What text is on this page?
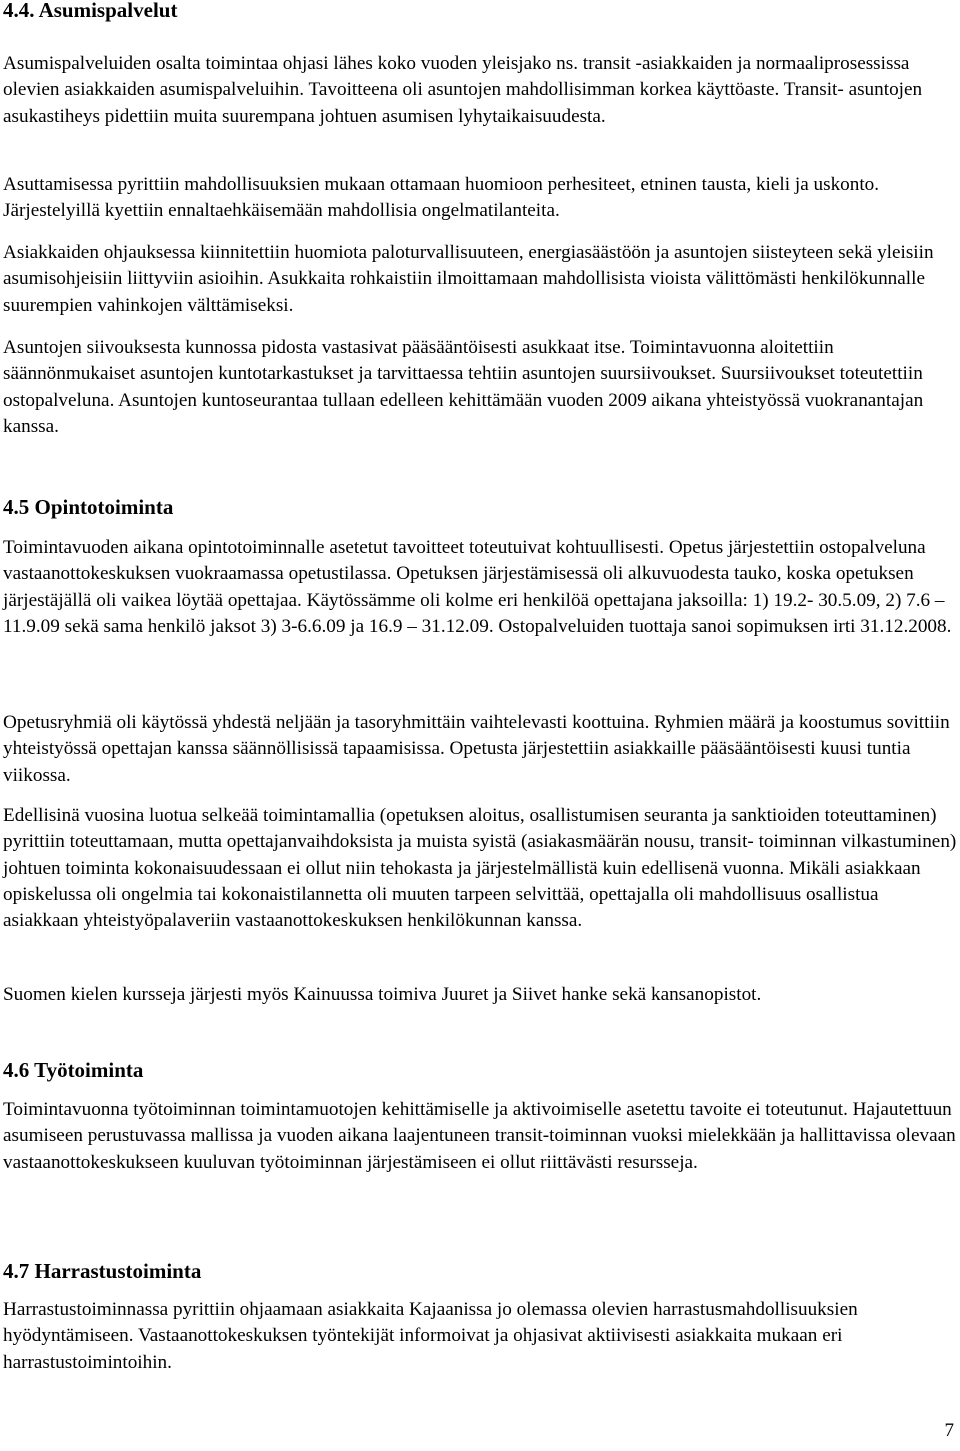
4.4. Asumispalvelut

Asumispalveluiden osalta toimintaa ohjasi lähes koko vuoden yleisjako ns. transit -asiakkaiden ja normaaliprosessissa olevien asiakkaiden asumispalveluihin. Tavoitteena oli asuntojen mahdollisimman korkea käyttöaste. Transit- asuntojen asukastiheys pidettiin muita suurempana johtuen asumisen lyhytaikaisuudesta.

Asuttamisessa pyrittiin mahdollisuuksien mukaan ottamaan huomioon perhesiteet, etninen tausta, kieli ja uskonto. Järjestelyillä kyettiin ennaltaehkäisemään mahdollisia ongelmatilanteita.

Asiakkaiden ohjauksessa kiinnitettiin huomiota paloturvallisuuteen, energiasäästöön ja asuntojen siisteyteen sekä yleisiin asumisohjeisiin liittyviin asioihin. Asukkaita rohkaistiin ilmoittamaan mahdollisista vioista välittömästi henkilökunnalle suurempien vahinkojen välttämiseksi.

Asuntojen siivouksesta kunnossa pidosta vastasivat pääsääntöisesti asukkaat itse. Toimintavuonna aloitettiin säännönmukaiset asuntojen kuntotarkastukset ja tarvittaessa tehtiin asuntojen suursiivoukset. Suursiivoukset toteutettiin ostopalveluna. Asuntojen kuntoseurantaa tullaan edelleen kehittämään vuoden 2009 aikana yhteistyössä vuokranantajan kanssa.

4.5 Opintotoiminta

Toimintavuoden aikana opintotoiminnalle asetetut tavoitteet toteutuivat kohtuullisesti. Opetus järjestettiin ostopalveluna vastaanottokeskuksen vuokraamassa opetustilassa. Opetuksen järjestämisessä oli alkuvuodesta tauko, koska opetuksen järjestäjällä oli vaikea löytää opettajaa. Käytössämme oli kolme eri henkilöä opettajana jaksoilla: 1) 19.2- 30.5.09, 2) 7.6 – 11.9.09 sekä sama henkilö jaksot 3) 3-6.6.09 ja 16.9 – 31.12.09. Ostopalveluiden tuottaja sanoi sopimuksen irti 31.12.2008.

Opetusryhmiä oli käytössä yhdestä neljään ja tasoryhmittäin vaihtelevasti koottuina. Ryhmien määrä ja koostumus sovittiin yhteistyössä opettajan kanssa säännöllisissä tapaamisissa. Opetusta järjestettiin asiakkaille pääsääntöisesti kuusi tuntia viikossa.

Edellisinä vuosina luotua selkeää toimintamallia (opetuksen aloitus, osallistumisen seuranta ja sanktioiden toteuttaminen) pyrittiin toteuttamaan, mutta opettajanvaihdoksista ja muista syistä (asiakasmäärän nousu, transit- toiminnan vilkastuminen) johtuen toiminta kokonaisuudessaan ei ollut niin tehokasta ja järjestelmällistä kuin edellisenä vuonna. Mikäli asiakkaan opiskelussa oli ongelmia tai kokonaistilannetta oli muuten tarpeen selvittää, opettajalla oli mahdollisuus osallistua asiakkaan yhteistyöpalaveriin vastaanottokeskuksen henkilökunnan kanssa.

Suomen kielen kursseja järjesti myös Kainuussa toimiva Juuret ja Siivet hanke sekä kansanopistot.

4.6 Työtoiminta

Toimintavuonna työtoiminnan toimintamuotojen kehittämiselle ja aktivoimiselle asetettu tavoite ei toteutunut. Hajautettuun asumiseen perustuvassa mallissa ja vuoden aikana laajentuneen transit-toiminnan vuoksi mielekkään ja hallittavissa olevaan vastaanottokeskukseen kuuluvan työtoiminnan järjestämiseen ei ollut riittävästi resursseja.

4.7 Harrastustoiminta

Harrastustoiminnassa pyrittiin ohjaamaan asiakkaita Kajaanissa jo olemassa olevien harrastusmahdollisuuksien hyödyntämiseen. Vastaanottokeskuksen työntekijät informoivat ja ohjasivat aktiivisesti asiakkaita mukaan eri harrastustoimintoihin.

7
